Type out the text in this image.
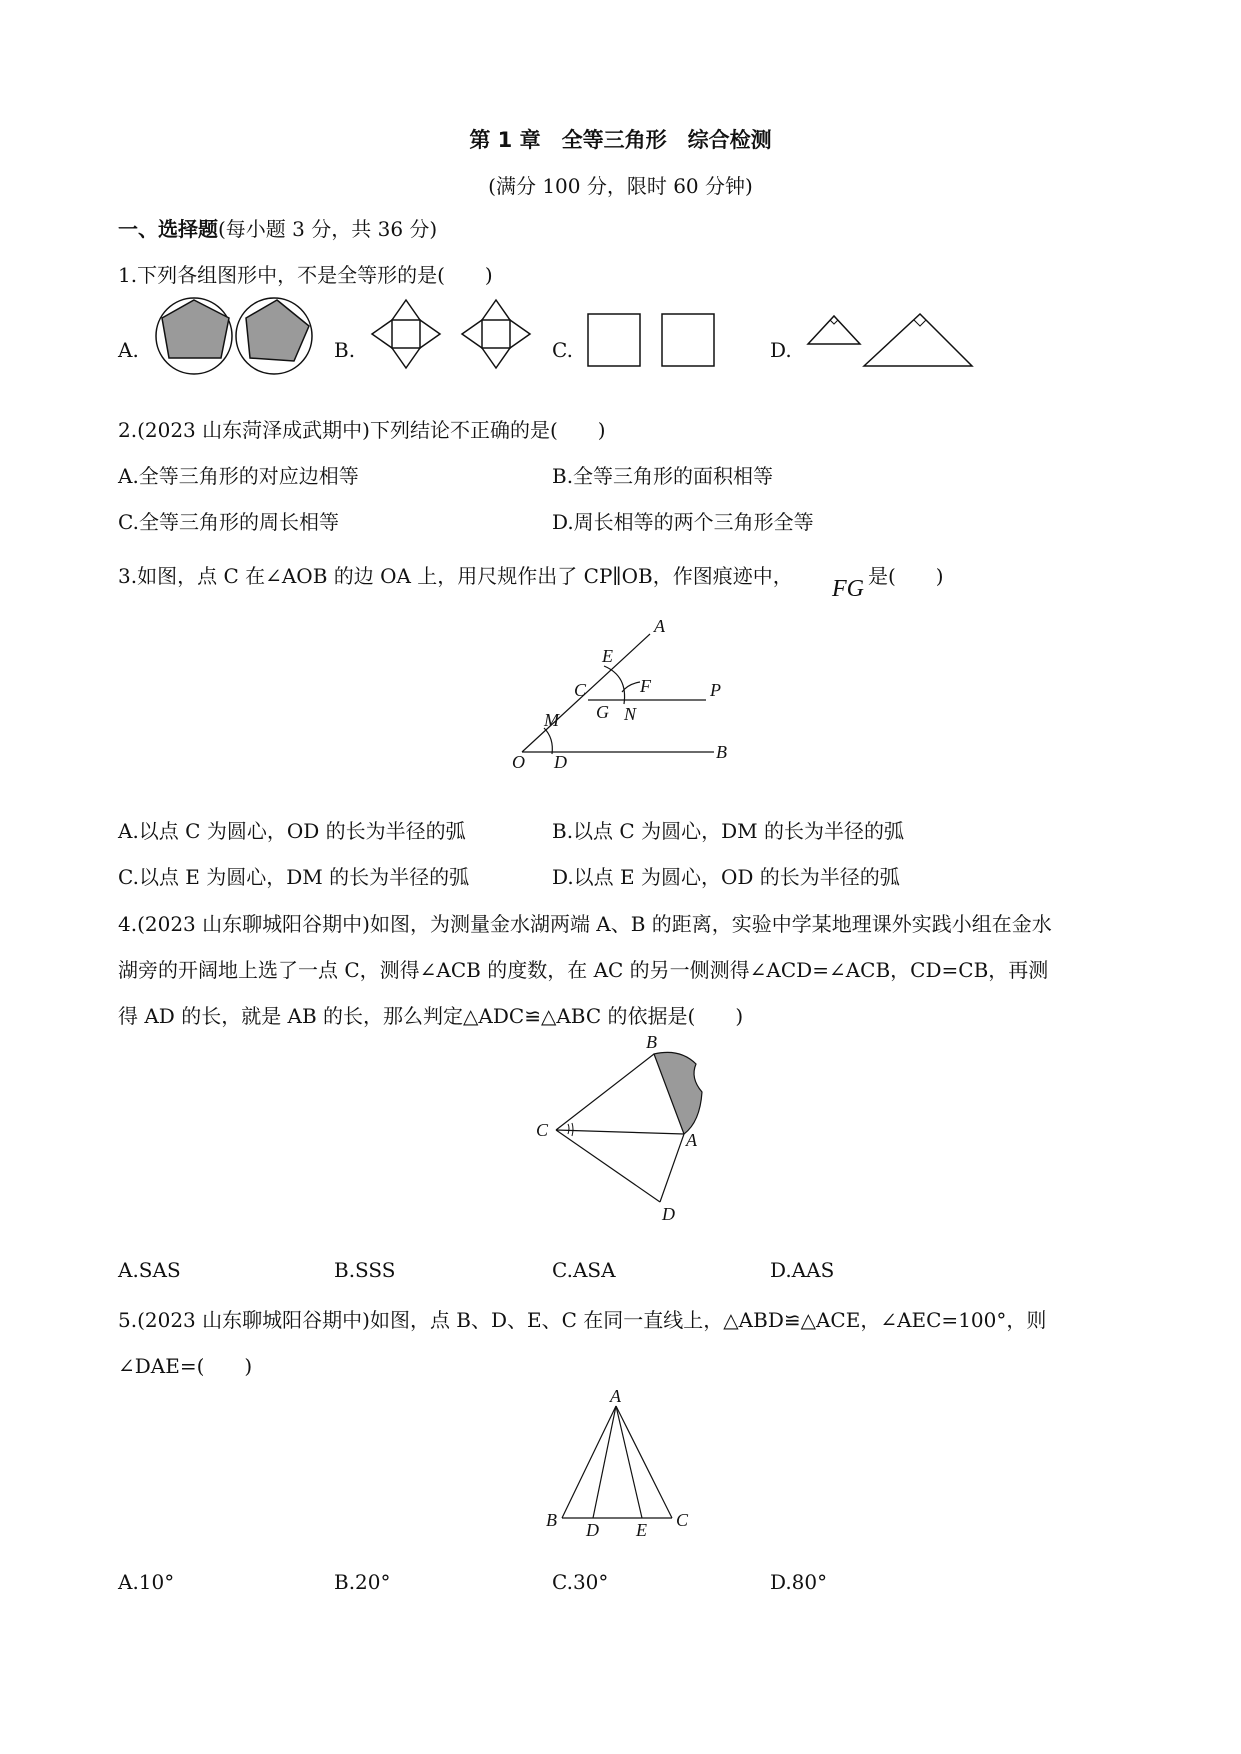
第 1 章　全等三角形　综合检测
(满分 100 分，限时 60 分钟)
一、选择题(每小题 3 分，共 36 分)
1.下列各组图形中，不是全等形的是(　　)
A.	B.	C.	D.
2.(2023 山东菏泽成武期中)下列结论不正确的是(　　)
A.全等三角形的对应边相等	B.全等三角形的面积相等
C.全等三角形的周长相等	D.周长相等的两个三角形全等
3.如图，点 C 在∠AOB 的边 OA 上，用尺规作出了 CP∥OB，作图痕迹中， FG 是(　　)
A
E
C	F	P
G N
M
O D	B
A.以点 C 为圆心，OD 的长为半径的弧	B.以点 C 为圆心，DM 的长为半径的弧
C.以点 E 为圆心，DM 的长为半径的弧	D.以点 E 为圆心，OD 的长为半径的弧
4.(2023 山东聊城阳谷期中)如图，为测量金水湖两端 A、B 的距离，实验中学某地理课外实践小组在金水
湖旁的开阔地上选了一点 C，测得∠ACB 的度数，在 AC 的另一侧测得∠ACD=∠ACB，CD=CB，再测
得 AD 的长，就是 AB 的长，那么判定△ADC≌△ABC 的依据是(　　)
B
C	A
D
A.SAS	B.SSS	C.ASA	D.AAS
5.(2023 山东聊城阳谷期中)如图，点 B、D、E、C 在同一直线上，△ABD≌△ACE，∠AEC=100°，则
∠DAE=(　　)
A
B D E C
A.10°	B.20°	C.30°	D.80°
